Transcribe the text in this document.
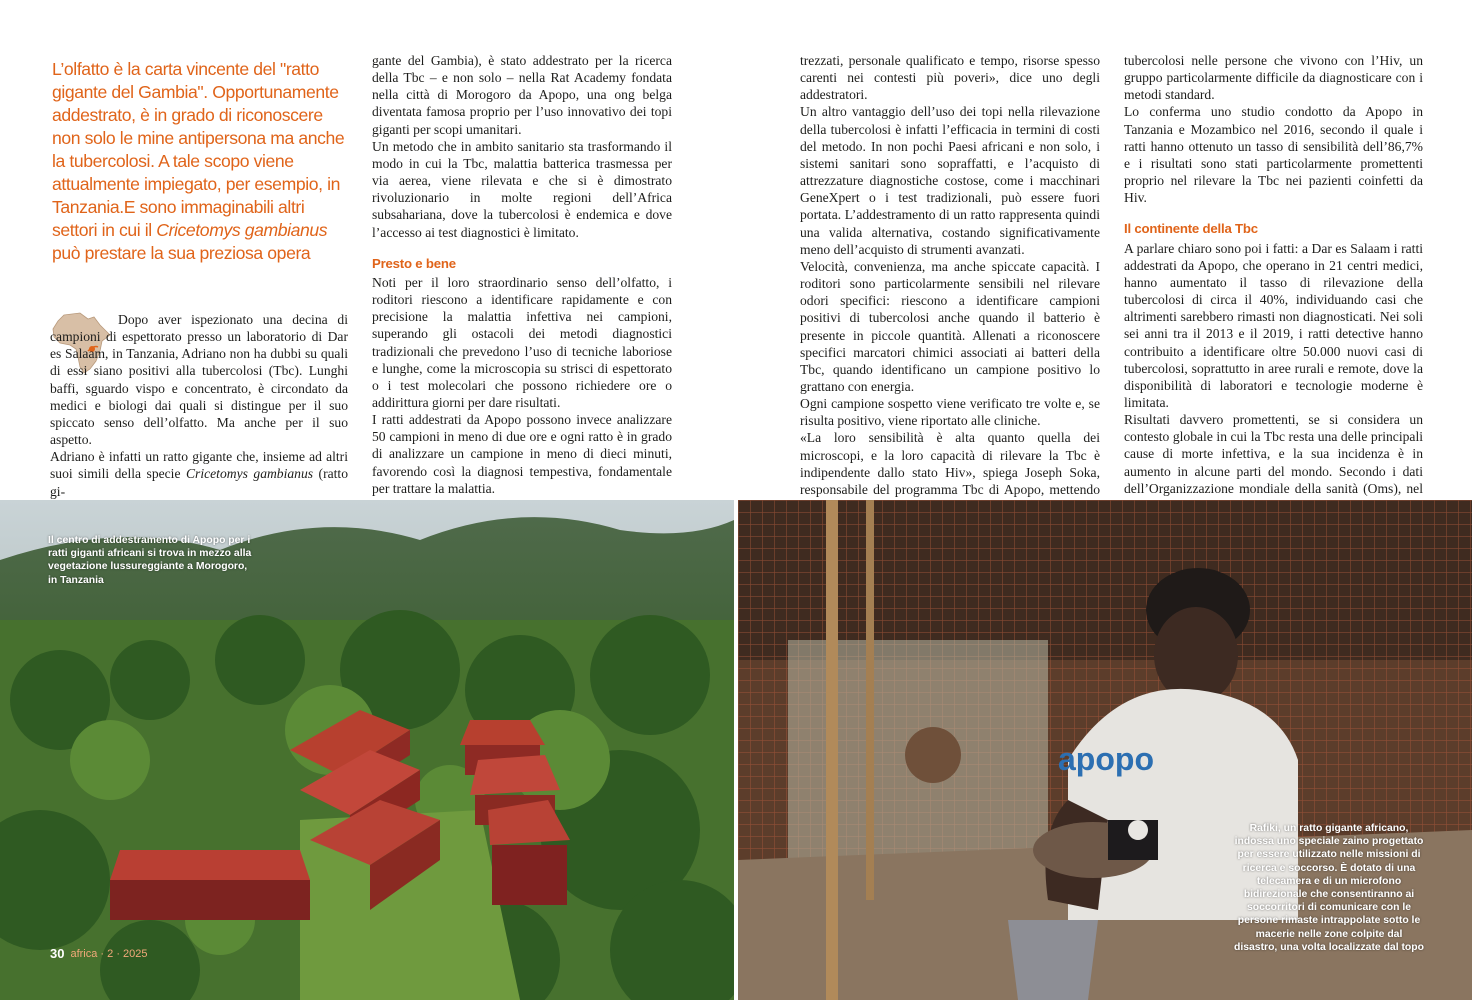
L’olfatto è la carta vincente del "ratto gigante del Gambia". Opportunamente addestrato, è in grado di riconoscere non solo le mine antipersona ma anche la tubercolosi. A tale scopo viene attualmente impiegato, per esempio, in Tanzania.E sono immaginabili altri settori in cui il Cricetomys gambianus può prestare la sua preziosa opera

Dopo aver ispezionato una decina di campioni di espettorato presso un laboratorio di Dar es Salaam, in Tanzania, Adriano non ha dubbi su quali di essi siano positivi alla tubercolosi (Tbc). Lunghi baffi, sguardo vispo e concentrato, è circondato da medici e biologi dai quali si distingue per il suo spiccato senso dell’olfatto. Ma anche per il suo aspetto.

Adriano è infatti un ratto gigante che, insieme ad altri suoi simili della specie Cricetomys gambianus (ratto gi-

gante del Gambia), è stato addestrato per la ricerca della Tbc – e non solo – nella Rat Academy fondata nella città di Morogoro da Apopo, una ong belga diventata famosa proprio per l’uso innovativo dei topi giganti per scopi umanitari.

Un metodo che in ambito sanitario sta trasformando il modo in cui la Tbc, malattia batterica trasmessa per via aerea, viene rilevata e che si è dimostrato rivoluzionario in molte regioni dell’Africa subsahariana, dove la tubercolosi è endemica e dove l’accesso ai test diagnostici è limitato.

Presto e bene

Noti per il loro straordinario senso dell’olfatto, i roditori riescono a identificare rapidamente e con precisione la malattia infettiva nei campioni, superando gli ostacoli dei metodi diagnostici tradizionali che prevedono l’uso di tecniche laboriose e lunghe, come la microscopia su strisci di espettorato o i test molecolari che possono richiedere ore o addirittura giorni per dare risultati.

I ratti addestrati da Apopo possono invece analizzare 50 campioni in meno di due ore e ogni ratto è in grado di analizzare un campione in meno di dieci minuti, favorendo così la diagnosi tempestiva, fondamentale per trattare la malattia.

trezzati, personale qualificato e tempo, risorse spesso carenti nei contesti più poveri», dice uno degli addestratori.

Un altro vantaggio dell’uso dei topi nella rilevazione della tubercolosi è infatti l’efficacia in termini di costi del metodo. In non pochi Paesi africani e non solo, i sistemi sanitari sono sopraffatti, e l’acquisto di attrezzature diagnostiche costose, come i macchinari GeneXpert o i test tradizionali, può essere fuori portata. L’addestramento di un ratto rappresenta quindi una valida alternativa, costando significativamente meno dell’acquisto di strumenti avanzati.

Velocità, convenienza, ma anche spiccate capacità. I roditori sono particolarmente sensibili nel rilevare odori specifici: riescono a identificare campioni positivi di tubercolosi anche quando il batterio è presente in piccole quantità. Allenati a riconoscere specifici marcatori chimici associati ai batteri della Tbc, quando identificano un campione positivo lo grattano con energia.

Ogni campione sospetto viene verificato tre volte e, se risulta positivo, viene riportato alle cliniche.

«La loro sensibilità è alta quanto quella dei microscopi, e la loro capacità di rilevare la Tbc è indipendente dallo stato Hiv», spiega Joseph Soka, responsabile del programma Tbc di Apopo, mettendo

tubercolosi nelle persone che vivono con l’Hiv, un gruppo particolarmente difficile da diagnosticare con i metodi standard.

Lo conferma uno studio condotto da Apopo in Tanzania e Mozambico nel 2016, secondo il quale i ratti hanno ottenuto un tasso di sensibilità dell’86,7% e i risultati sono stati particolarmente promettenti proprio nel rilevare la Tbc nei pazienti coinfetti da Hiv.

Il continente della Tbc

A parlare chiaro sono poi i fatti: a Dar es Salaam i ratti addestrati da Apopo, che operano in 21 centri medici, hanno aumentato il tasso di rilevazione della tubercolosi di circa il 40%, individuando casi che altrimenti sarebbero rimasti non diagnosticati. Nei soli sei anni tra il 2013 e il 2019, i ratti detective hanno contribuito a identificare oltre 50.000 nuovi casi di tubercolosi, soprattutto in aree rurali e remote, dove la disponibilità di laboratori e tecnologie moderne è limitata.

Risultati davvero promettenti, se si considera un contesto globale in cui la Tbc resta una delle principali cause di morte infettiva, e la sua incidenza è in aumento in alcune parti del mondo. Secondo i dati dell’Organizzazione mondiale della sanità (Oms), nel

Il centro di addestramento di Apopo per i ratti giganti africani si trova in mezzo alla vegetazione lussureggiante a Morogoro, in Tanzania
30 africa · 2 · 2025
apopo
Rafiki, un ratto gigante africano, indossa uno speciale zaino progettato per essere utilizzato nelle missioni di ricerca e soccorso. È dotato di una telecamera e di un microfono bidirezionale che consentiranno ai soccorritori di comunicare con le persone rimaste intrappolate sotto le macerie nelle zone colpite dal disastro, una volta localizzate dal topo
